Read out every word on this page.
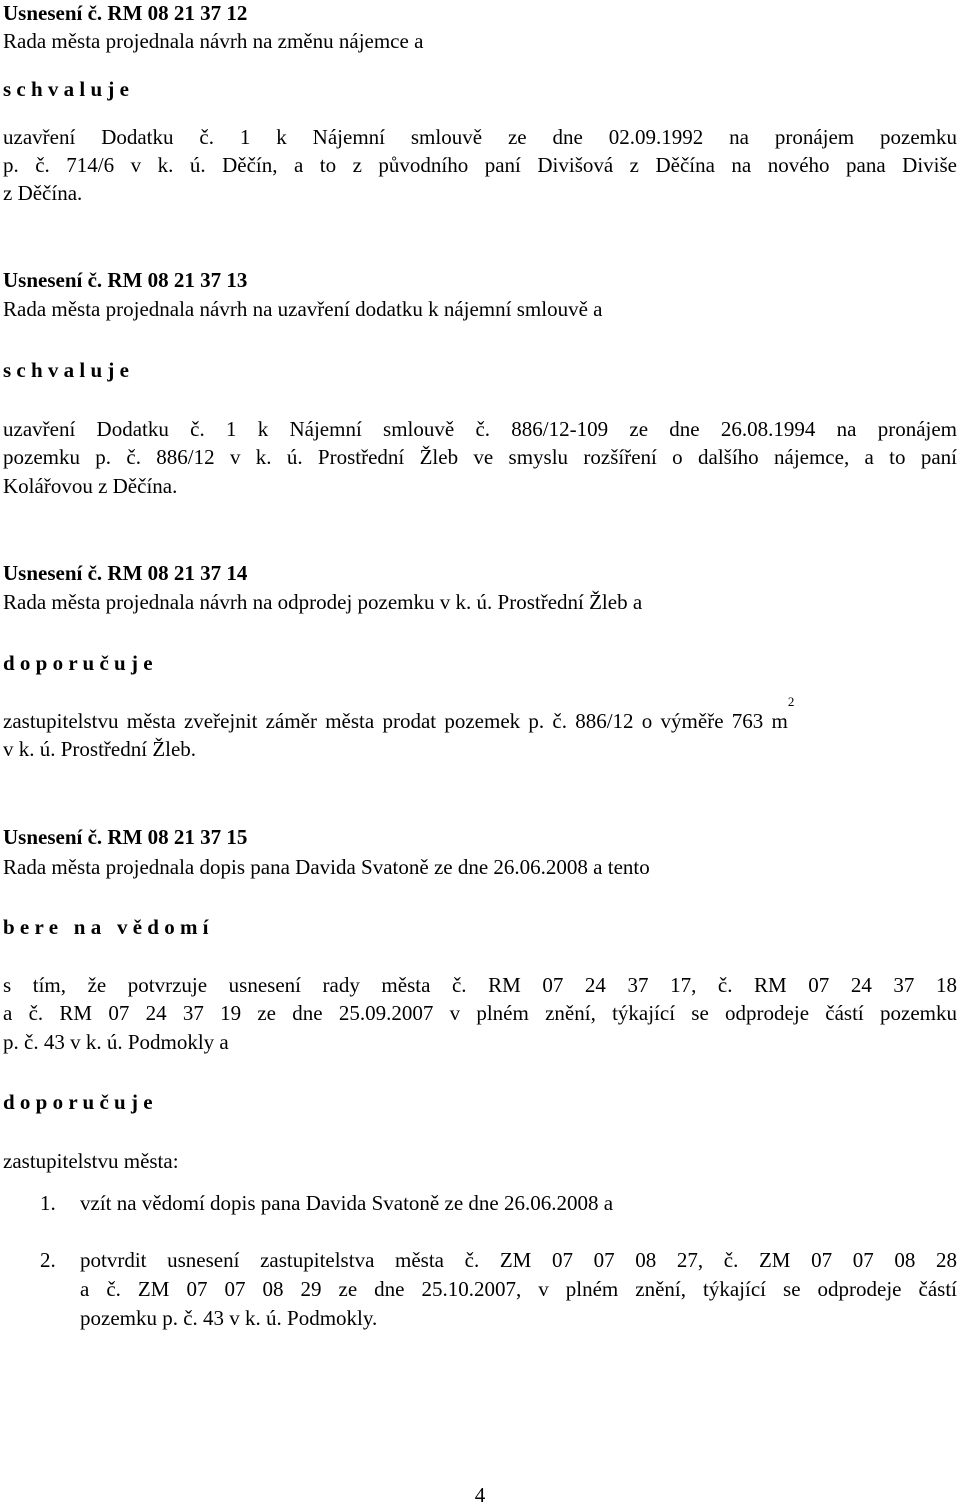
Usnesení č. RM 08 21 37 12
Rada města projednala návrh na změnu nájemce a
s c h v a l u j e
uzavření Dodatku č. 1 k Nájemní smlouvě ze dne 02.09.1992 na pronájem pozemku
p. č. 714/6 v k. ú. Děčín, a to z původního paní Divišová z Děčína na nového pana Diviše
z Děčína.
Usnesení č. RM 08 21 37 13
Rada města projednala návrh na uzavření dodatku k nájemní smlouvě a
s c h v a l u j e
uzavření Dodatku č. 1 k Nájemní smlouvě č. 886/12-109 ze dne 26.08.1994 na pronájem
pozemku p. č. 886/12 v k. ú. Prostřední Žleb ve smyslu rozšíření o dalšího nájemce, a to paní
Kolářovou z Děčína.
Usnesení č. RM 08 21 37 14
Rada města projednala návrh na odprodej pozemku v k. ú. Prostřední Žleb a
d o p o r u č u j e
zastupitelstvu města zveřejnit záměr města prodat pozemek p. č. 886/12 o výměře 763 $m^2$
v k. ú. Prostřední Žleb.
Usnesení č. RM 08 21 37 15
Rada města projednala dopis pana Davida Svatoně ze dne 26.06.2008 a tento
b e r e   n a   v ě d o m í
s tím, že potvrzuje usnesení rady města č. RM 07 24 37 17, č. RM 07 24 37 18
a č. RM 07 24 37 19 ze dne 25.09.2007 v plném znění, týkající se odprodeje částí pozemku
p. č. 43 v k. ú. Podmokly a
d o p o r u č u j e
zastupitelstvu města:
1. vzít na vědomí dopis pana Davida Svatoně ze dne 26.06.2008 a
2. potvrdit usnesení zastupitelstva města č. ZM 07 07 08 27, č. ZM 07 07 08 28
a č. ZM 07 07 08 29 ze dne 25.10.2007, v plném znění, týkající se odprodeje částí
pozemku p. č. 43 v k. ú. Podmokly.
4
